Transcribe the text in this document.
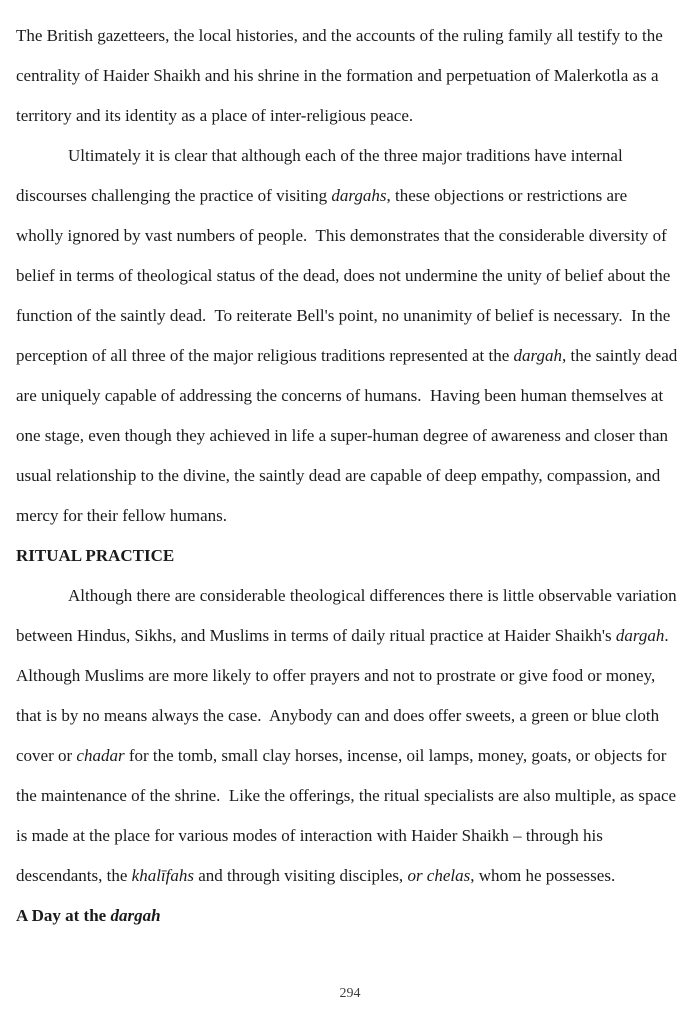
The British gazetteers, the local histories, and the accounts of the ruling family all testify to the
centrality of Haider Shaikh and his shrine in the formation and perpetuation of Malerkotla as a
territory and its identity as a place of inter-religious peace.
Ultimately it is clear that although each of the three major traditions have internal
discourses challenging the practice of visiting dargahs, these objections or restrictions are
wholly ignored by vast numbers of people.  This demonstrates that the considerable diversity of
belief in terms of theological status of the dead, does not undermine the unity of belief about the
function of the saintly dead.  To reiterate Bell's point, no unanimity of belief is necessary.  In the
perception of all three of the major religious traditions represented at the dargah, the saintly dead
are uniquely capable of addressing the concerns of humans.  Having been human themselves at
one stage, even though they achieved in life a super-human degree of awareness and closer than
usual relationship to the divine, the saintly dead are capable of deep empathy, compassion, and
mercy for their fellow humans.
RITUAL PRACTICE
Although there are considerable theological differences there is little observable variation
between Hindus, Sikhs, and Muslims in terms of daily ritual practice at Haider Shaikh's dargah.
Although Muslims are more likely to offer prayers and not to prostrate or give food or money,
that is by no means always the case.  Anybody can and does offer sweets, a green or blue cloth
cover or chadar for the tomb, small clay horses, incense, oil lamps, money, goats, or objects for
the maintenance of the shrine.  Like the offerings, the ritual specialists are also multiple, as space
is made at the place for various modes of interaction with Haider Shaikh – through his
descendants, the khalīfahs and through visiting disciples, or chelas, whom he possesses.
A Day at the dargah
294
